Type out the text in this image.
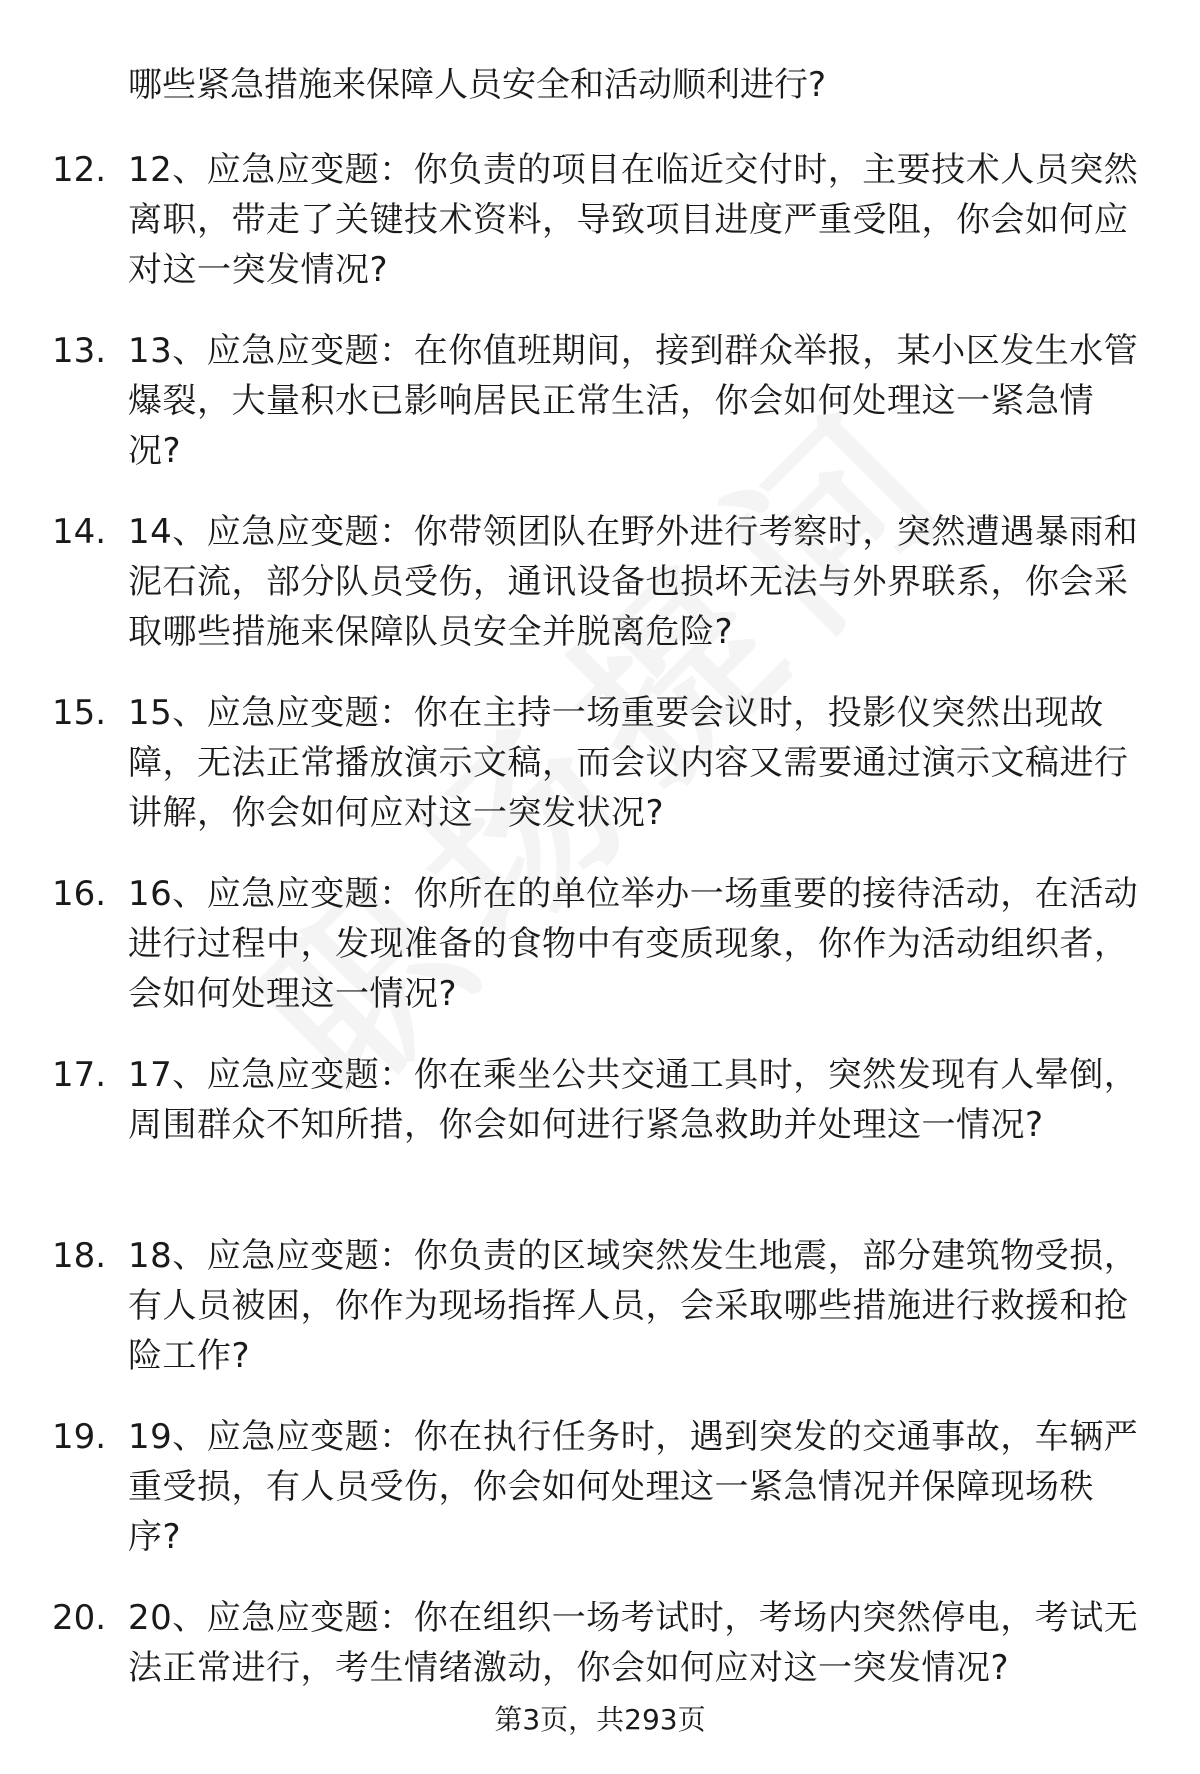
哪些紧急措施来保障人员安全和活动顺利进行?
12. 12、应急应变题：你负责的项目在临近交付时，主要技术人员突然离职，带走了关键技术资料，导致项目进度严重受阻，你会如何应对这一突发情况?
13. 13、应急应变题：在你值班期间，接到群众举报，某小区发生水管爆裂，大量积水已影响居民正常生活，你会如何处理这一紧急情况?
14. 14、应急应变题：你带领团队在野外进行考察时，突然遭遇暴雨和泥石流，部分队员受伤，通讯设备也损坏无法与外界联系，你会采取哪些措施来保障队员安全并脱离危险?
15. 15、应急应变题：你在主持一场重要会议时，投影仪突然出现故障，无法正常播放演示文稿，而会议内容又需要通过演示文稿进行讲解，你会如何应对这一突发状况?
16. 16、应急应变题：你所在的单位举办一场重要的接待活动，在活动进行过程中，发现准备的食物中有变质现象，你作为活动组织者，会如何处理这一情况?
17. 17、应急应变题：你在乘坐公共交通工具时，突然发现有人晕倒，周围群众不知所措，你会如何进行紧急救助并处理这一情况?
18. 18、应急应变题：你负责的区域突然发生地震，部分建筑物受损，有人员被困，你作为现场指挥人员，会采取哪些措施进行救援和抢险工作?
19. 19、应急应变题：你在执行任务时，遇到突发的交通事故，车辆严重受损，有人员受伤，你会如何处理这一紧急情况并保障现场秩序?
20. 20、应急应变题：你在组织一场考试时，考场内突然停电，考试无法正常进行，考生情绪激动，你会如何应对这一突发情况?
第3页，共293页
